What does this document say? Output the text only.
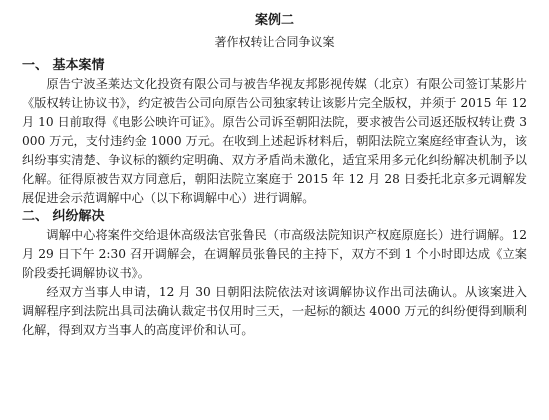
案例二
著作权转让合同争议案
一、 基本案情

原告宁波圣莱达文化投资有限公司与被告华视友邦影视传媒（北京）有限公司签订某影片《版权转让协议书》，约定被告公司向原告公司独家转让该影片完全版权，并须于 2015 年 12 月 10 日前取得《电影公映许可证》。原告公司诉至朝阳法院，要求被告公司返还版权转让费 3000 万元，支付违约金 1000 万元。在收到上述起诉材料后，朝阳法院立案庭经审查认为，该纠纷事实清楚、争议标的额约定明确、双方矛盾尚未激化，适宜采用多元化纠纷解决机制予以化解。征得原被告双方同意后，朝阳法院立案庭于 2015 年 12 月 28 日委托北京多元调解发展促进会示范调解中心（以下称调解中心）进行调解。

二、 纠纷解决

调解中心将案件交给退休高级法官张鲁民（市高级法院知识产权庭原庭长）进行调解。12 月 29 日下午 2:30 召开调解会，在调解员张鲁民的主持下，双方不到 1 个小时即达成《立案阶段委托调解协议书》。

经双方当事人申请，12 月 30 日朝阳法院依法对该调解协议作出司法确认。从该案进入调解程序到法院出具司法确认裁定书仅用时三天，一起标的额达 4000 万元的纠纷便得到顺利化解，得到双方当事人的高度评价和认可。
